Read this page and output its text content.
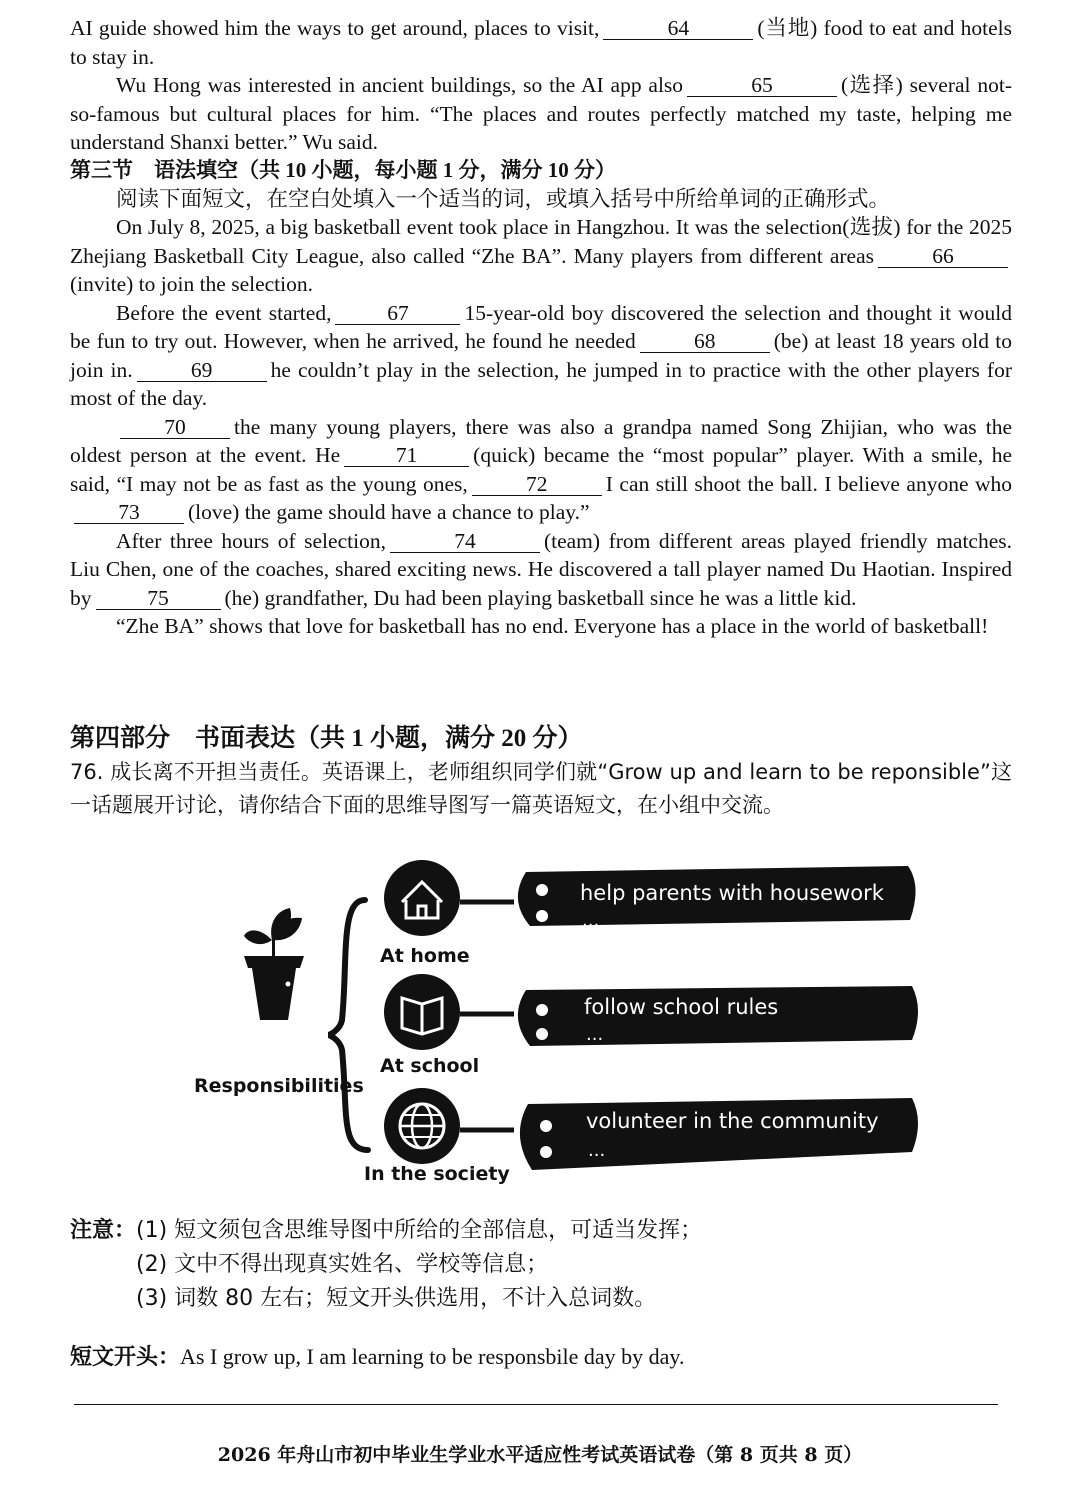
AI guide showed him the ways to get around, places to visit,	64	(当地) food to eat and hotels to stay in.

Wu Hong was interested in ancient buildings, so the AI app also	65	(选择) several not-so-famous but cultural places for him. “The places and routes perfectly matched my taste, helping me understand Shanxi better.” Wu said.

第三节　语法填空（共 10 小题，每小题 1 分，满分 10 分）

阅读下面短文，在空白处填入一个适当的词，或填入括号中所给单词的正确形式。

On July 8, 2025, a big basketball event took place in Hangzhou. It was the selection(选拔) for the 2025 Zhejiang Basketball City League, also called “Zhe BA”. Many players from different areas	66(invite) to join the selection.

Before the event started,	67	15-year-old boy discovered the selection and thought it would be fun to try out. However, when he arrived, he found he needed	68	(be) at least 18 years old to join in.	69	he couldn’t play in the selection, he jumped in to practice with the other players for most of the day.

70 the many young players, there was also a grandpa named Song Zhijian, who was the oldest person at the event. He	71	(quick) became the “most popular” player. With a smile, he said, “I may not be as fast as the young ones,	72	I can still shoot the ball. I believe anyone who73 (love) the game should have a chance to play.”

After three hours of selection,	74	(team) from different areas played friendly matches. Liu Chen, one of the coaches, shared exciting news. He discovered a tall player named Du Haotian. Inspired by	75	(he) grandfather, Du had been playing basketball since he was a little kid.

“Zhe BA” shows that love for basketball has no end. Everyone has a place in the world of basketball!

第四部分　书面表达（共 1 小题，满分 20 分）

76. 成长离不开担当责任。英语课上，老师组织同学们就“Grow up and learn to be reponsible”这一话题展开讨论，请你结合下面的思维导图写一篇英语短文，在小组中交流。

Responsibilities
At home
help parents with housework
...
At school
follow school rules
...
In the society
volunteer in the community
...
注意：(1) 短文须包含思维导图中所给的全部信息，可适当发挥；
(2) 文中不得出现真实姓名、学校等信息；
(3) 词数 80 左右；短文开头供选用，不计入总词数。
短文开头：As I grow up, I am learning to be responsbile day by day.
2026 年舟山市初中毕业生学业水平适应性考试英语试卷（第 8 页共 8 页）
